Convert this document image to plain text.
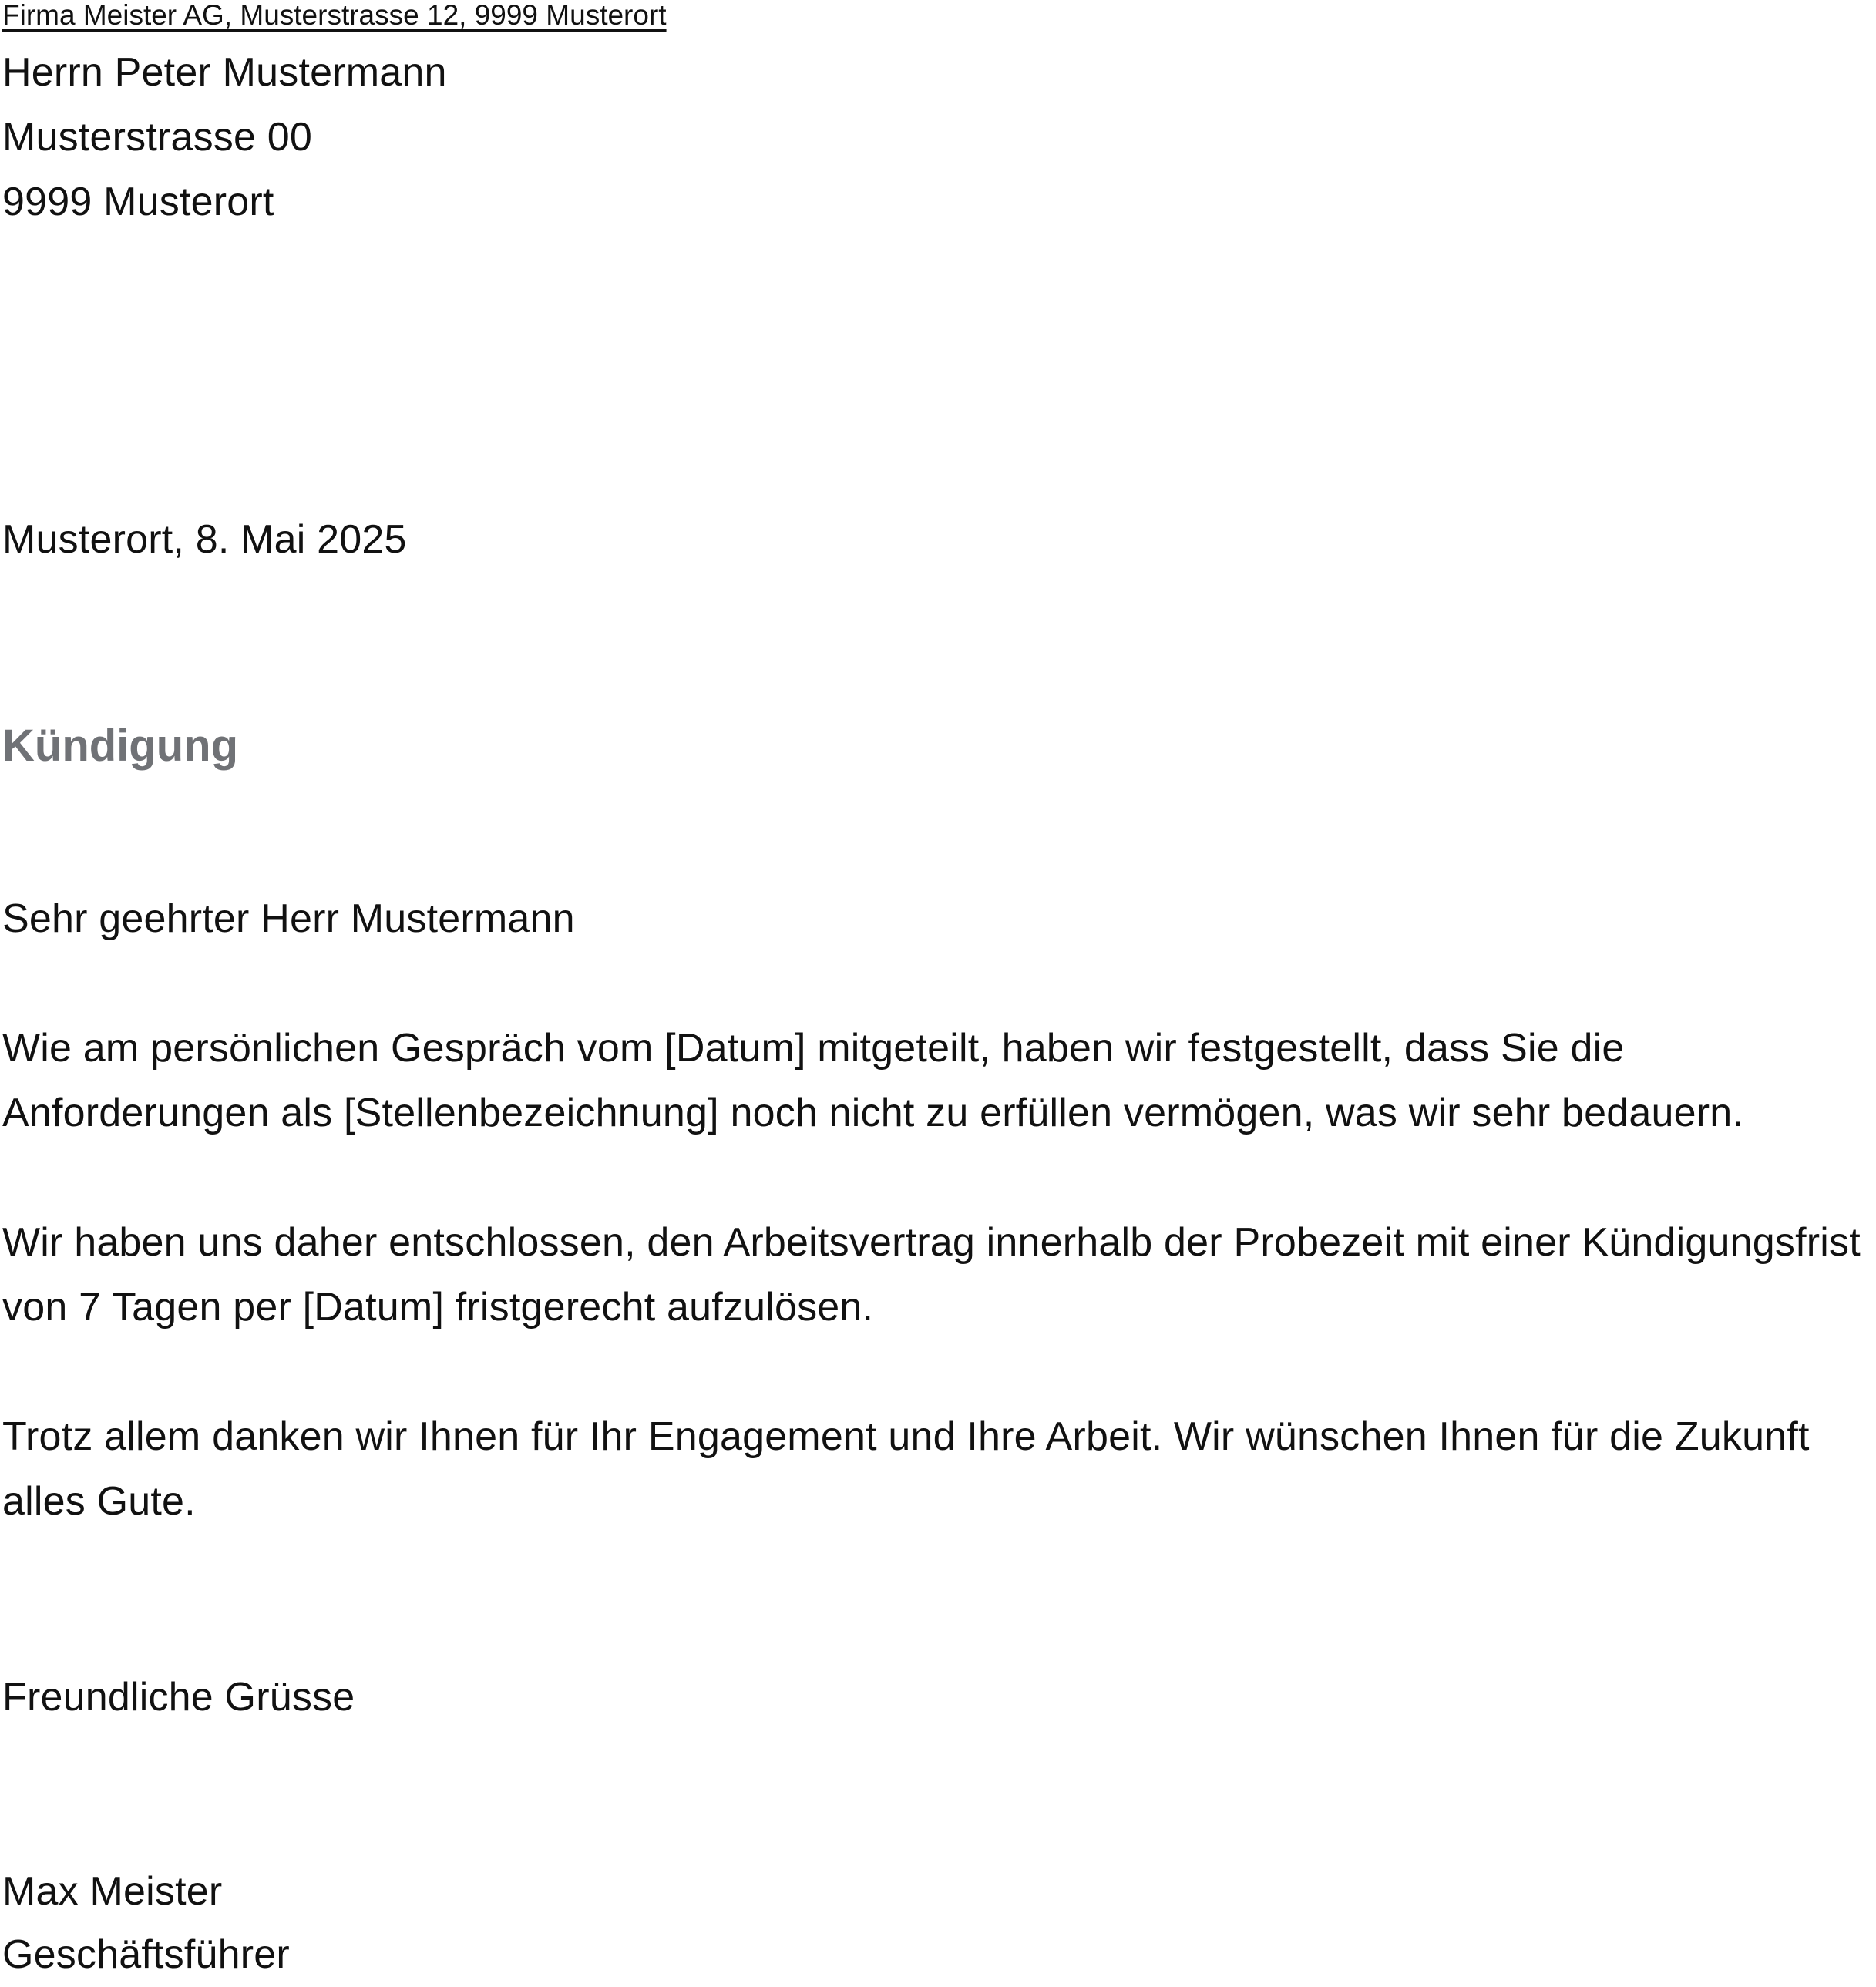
Firma Meister AG, Musterstrasse 12, 9999 Musterort
Herrn Peter Mustermann
Musterstrasse 00
9999 Musterort
Musterort, 8. Mai 2025
Kündigung
Sehr geehrter Herr Mustermann
Wie am persönlichen Gespräch vom [Datum] mitgeteilt, haben wir festgestellt, dass Sie die
Anforderungen als [Stellenbezeichnung] noch nicht zu erfüllen vermögen, was wir sehr bedauern.
Wir haben uns daher entschlossen, den Arbeitsvertrag innerhalb der Probezeit mit einer Kündigungsfrist
von 7 Tagen per [Datum] fristgerecht aufzulösen.
Trotz allem danken wir Ihnen für Ihr Engagement und Ihre Arbeit. Wir wünschen Ihnen für die Zukunft
alles Gute.
Freundliche Grüsse
Max Meister
Geschäftsführer
